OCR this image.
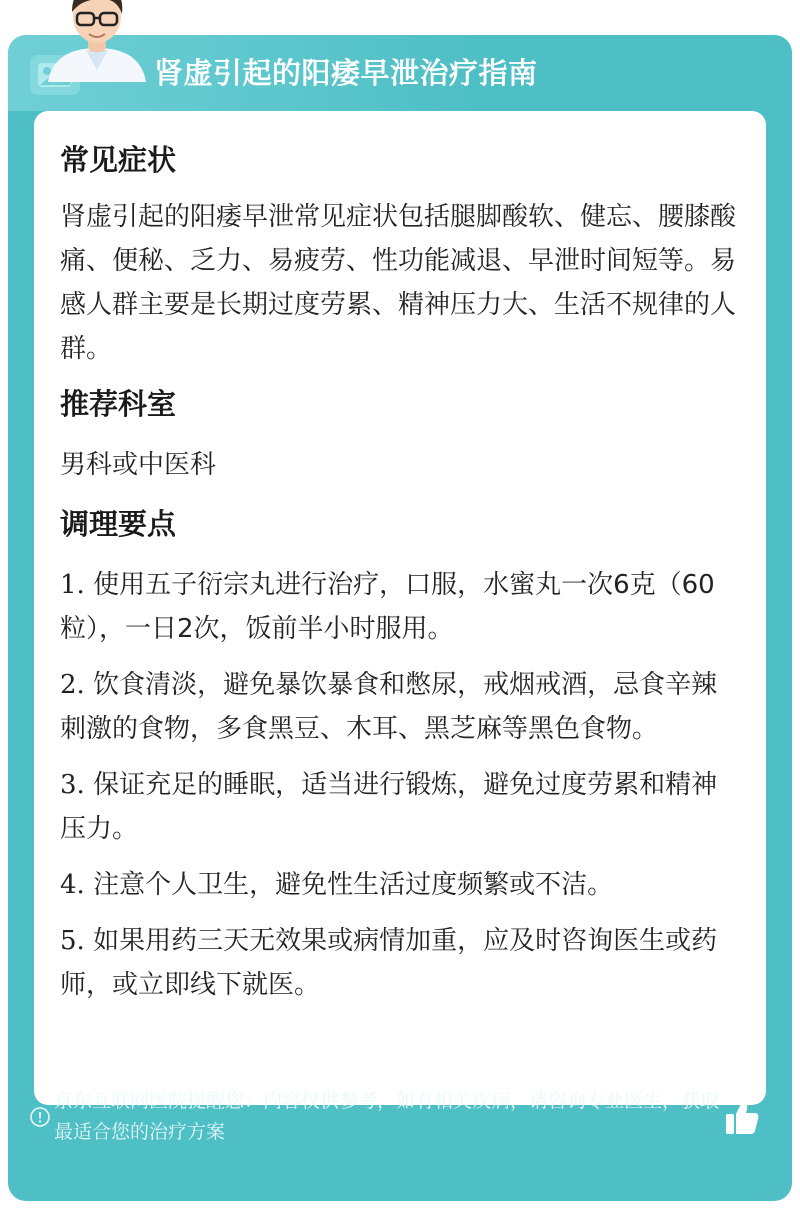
肾虚引起的阳痿早泄治疗指南
常见症状

肾虚引起的阳痿早泄常见症状包括腿脚酸软、健忘、腰膝酸痛、便秘、乏力、易疲劳、性功能减退、早泄时间短等。易感人群主要是长期过度劳累、精神压力大、生活不规律的人群。

推荐科室

男科或中医科

调理要点

1. 使用五子衍宗丸进行治疗，口服，水蜜丸一次6克（60粒），一日2次，饭前半小时服用。

2. 饮食清淡，避免暴饮暴食和憋尿，戒烟戒酒，忌食辛辣刺激的食物，多食黑豆、木耳、黑芝麻等黑色食物。

3. 保证充足的睡眠，适当进行锻炼，避免过度劳累和精神压力。

4. 注意个人卫生，避免性生活过度频繁或不洁。

5. 如果用药三天无效果或病情加重，应及时咨询医生或药师，或立即线下就医。

京东互联网医院提醒您：内容仅供参考，如有相关疾病，请咨询专业医生，获取最适合您的治疗方案
